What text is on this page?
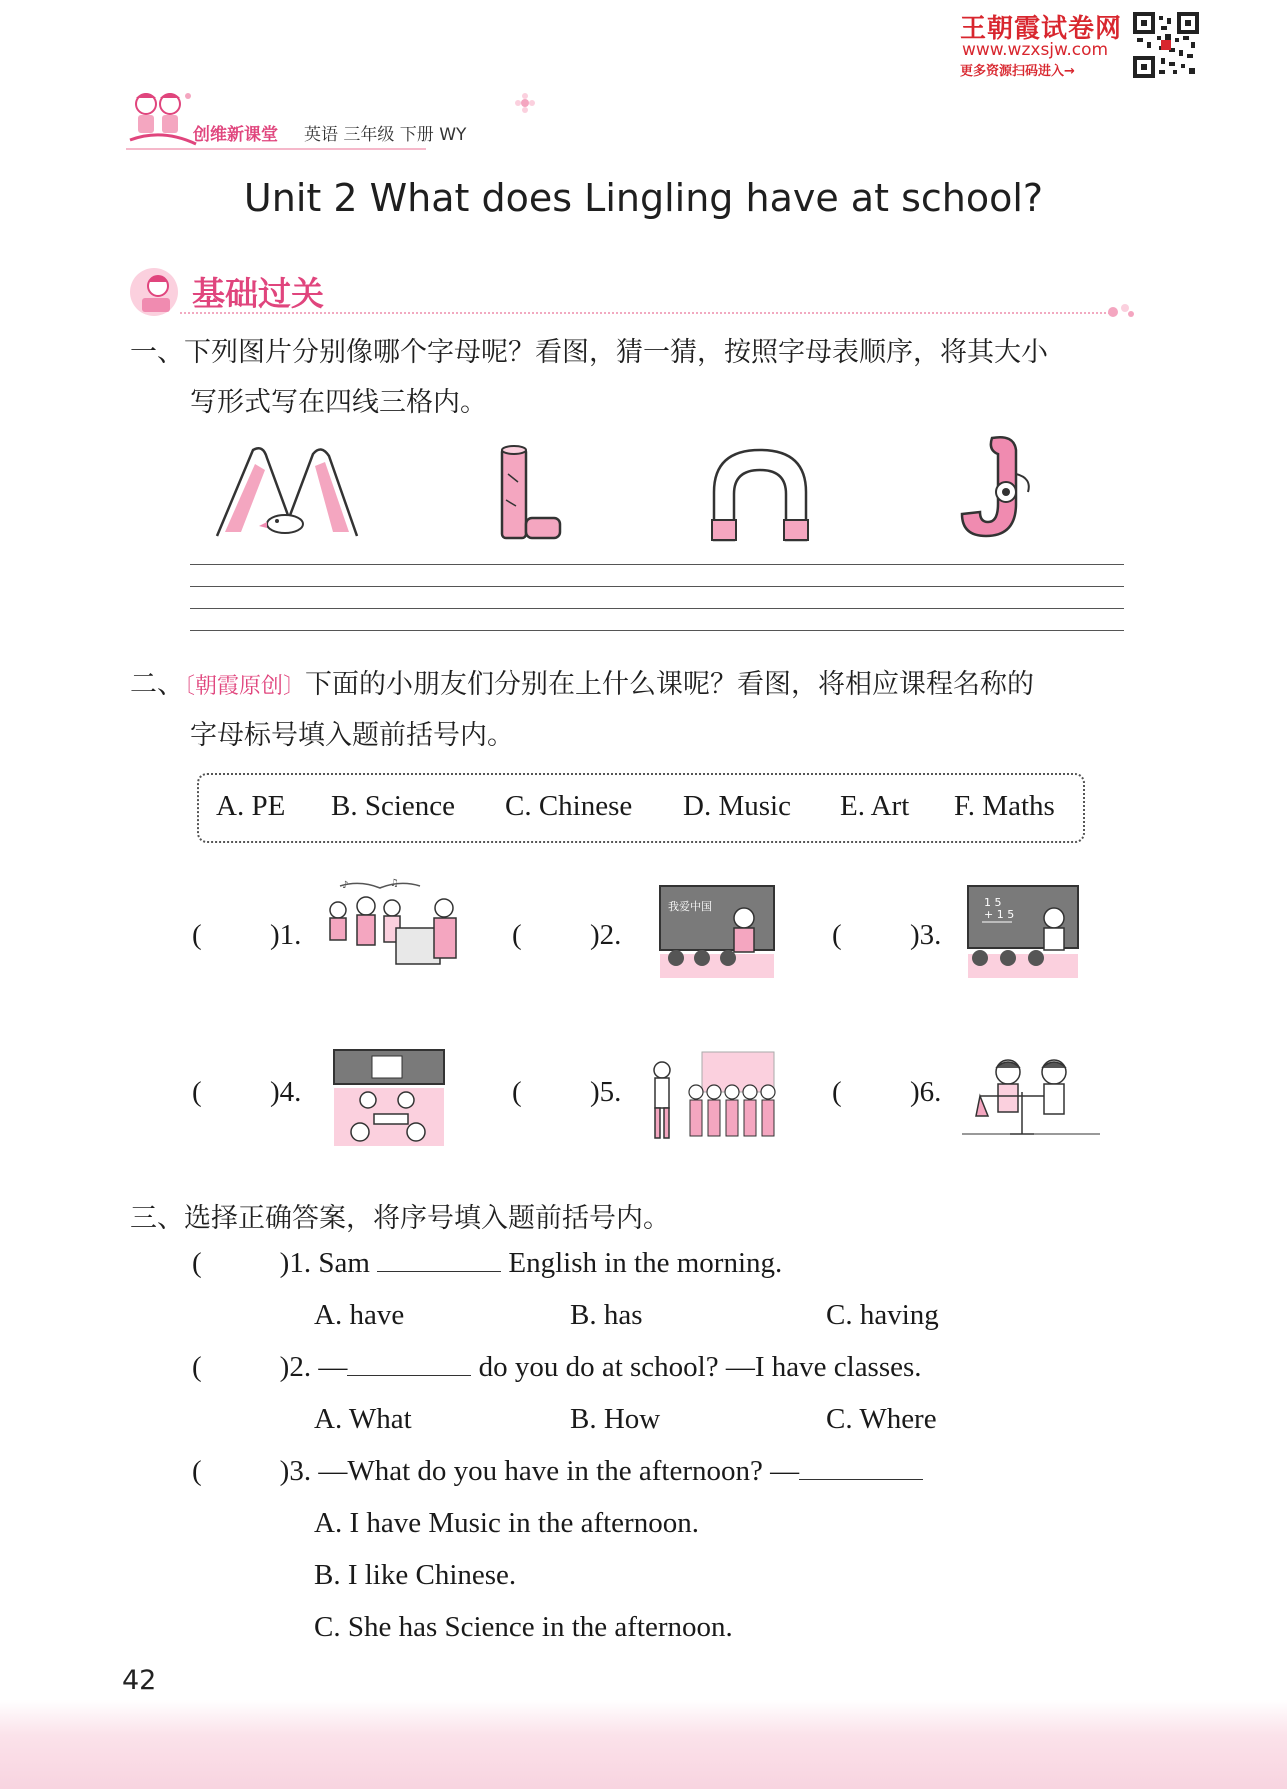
王朝霞试卷网
www.wzxsjw.com
更多资源扫码进入→
创维新课堂 英语 三年级 下册 WY
Unit 2 What does Lingling have at school?
基础过关
一、下列图片分别像哪个字母呢？看图，猜一猜，按照字母表顺序，将其大小
写形式写在四线三格内。
二、〔朝霞原创〕下面的小朋友们分别在上什么课呢？看图，将相应课程名称的
字母标号填入题前括号内。
A. PE B. Science C. Chinese D. Music E. Art F. Maths
( )1.
♪	♫
( )2.
我爱中国
( )3.
1 5
+ 1 5
( )4.	( )5.	( )6.
三、选择正确答案，将序号填入题前括号内。
(	)1. Sam	English in the morning.
A. have	B. has	C. having
(	)2. —	do you do at school? —I have classes.
A. What	B. How	C. Where
(	)3. —What do you have in the afternoon? —
A. I have Music in the afternoon.
B. I like Chinese.
C. She has Science in the afternoon.
42
